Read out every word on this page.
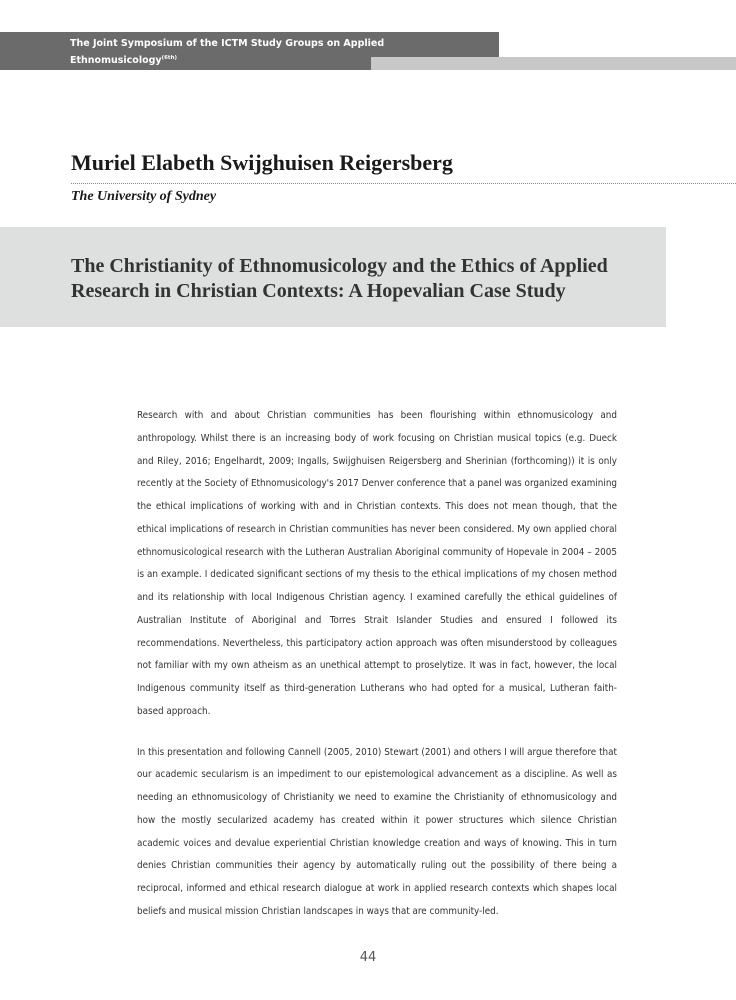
The Joint Symposium of the ICTM Study Groups on Applied Ethnomusicology$^{(6th)}$
and Music, Education and Social Inclusion$^{(2nd)}$
Muriel Elabeth Swijghuisen Reigersberg
The University of Sydney
The Christianity of Ethnomusicology and the Ethics of Applied Research in Christian Contexts: A Hopevalian Case Study

Research with and about Christian communities has been flourishing within ethnomusicology and anthropology. Whilst there is an increasing body of work focusing on Christian musical topics (e.g. Dueck and Riley, 2016; Engelhardt, 2009; Ingalls, Swijghuisen Reigersberg and Sherinian (forthcoming)) it is only recently at the Society of Ethnomusicology's 2017 Denver conference that a panel was organized examining the ethical implications of working with and in Christian contexts. This does not mean though, that the ethical implications of research in Christian communities has never been considered. My own applied choral ethnomusicological research with the Lutheran Australian Aboriginal community of Hopevale in 2004 – 2005 is an example. I dedicated significant sections of my thesis to the ethical implications of my chosen method and its relationship with local Indigenous Christian agency. I examined carefully the ethical guidelines of Australian Institute of Aboriginal and Torres Strait Islander Studies and ensured I followed its recommendations. Nevertheless, this participatory action approach was often misunderstood by colleagues not familiar with my own atheism as an unethical attempt to proselytize. It was in fact, however, the local Indigenous community itself as third-generation Lutherans who had opted for a musical, Lutheran faith-based approach.

In this presentation and following Cannell (2005, 2010) Stewart (2001) and others I will argue therefore that our academic secularism is an impediment to our epistemological advancement as a discipline. As well as needing an ethnomusicology of Christianity we need to examine the Christianity of ethnomusicology and how the mostly secularized academy has created within it power structures which silence Christian academic voices and devalue experiential Christian knowledge creation and ways of knowing. This in turn denies Christian communities their agency by automatically ruling out the possibility of there being a reciprocal, informed and ethical research dialogue at work in applied research contexts which shapes local beliefs and musical mission Christian landscapes in ways that are community-led.

44
